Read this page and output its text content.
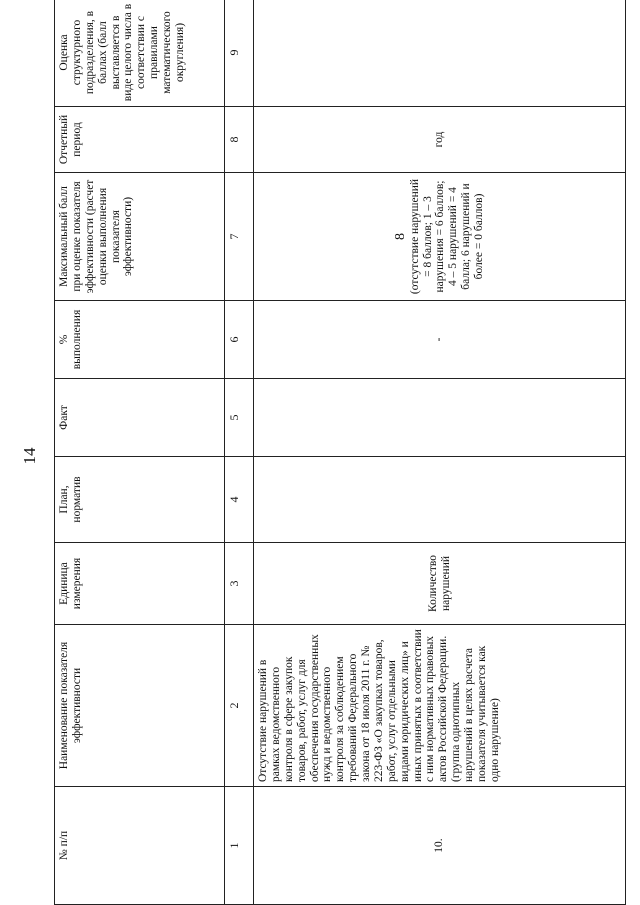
14
№ п/п	Наименование показателя эффективности	Единица измерения	План, норматив	Факт	% выполнения	Максимальный балл при оценке показателя эффективности (расчет оценки выполнения показателя эффективности)	Отчетный период	Оценка структурного подразделения, в баллах (балл выставляется в виде целого числа в соответствии с правилами математического округления)	
1	2	3	4	5	6	7	8	9	
10.	Отсутствие нарушений в рамках ведомственного контроля в сфере закупок товаров, работ, услуг для обеспечения государственных нужд и ведомственного контроля за соблюдением требований Федерального закона от 18 июля 2011 г. № 223-ФЗ «О закупках товаров, работ, услуг отдельными видами юридических лиц» и иных принятых в соответствии с ним нормативных правовых актов Российской Федерации. (группа однотипных нарушений в целях расчета показателя учитывается как одно нарушение)	Количество нарушений			-	8 (отсутствие нарушений = 8 баллов; 1 – 3 нарушения = 6 баллов; 4 – 5 нарушений = 4 балла; 6 нарушений и более = 0 баллов)	год		
